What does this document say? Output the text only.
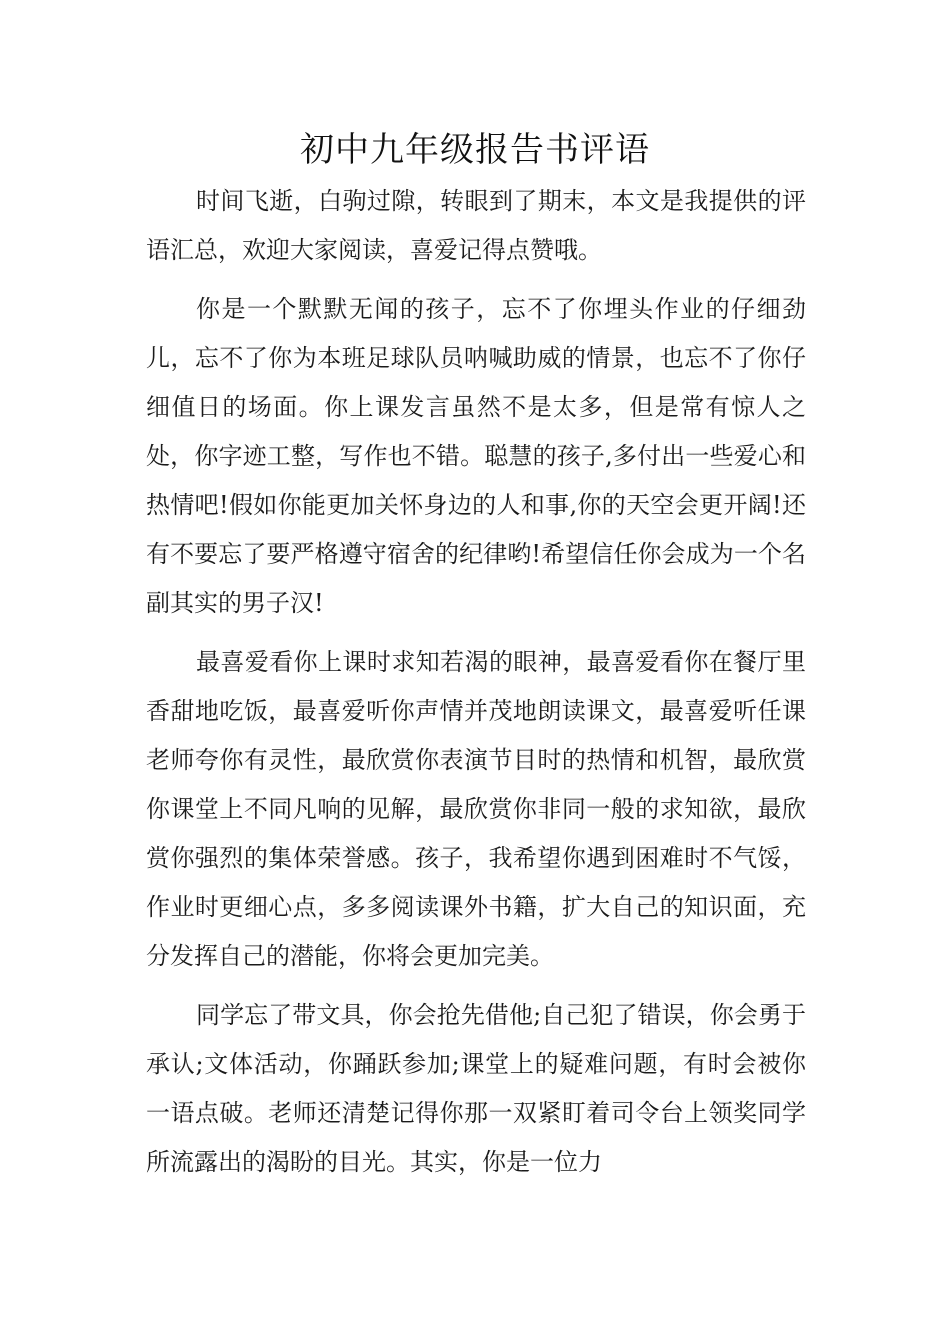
初中九年级报告书评语

时间飞逝，白驹过隙，转眼到了期末，本文是我提供的评语汇总，欢迎大家阅读，喜爱记得点赞哦。

你是一个默默无闻的孩子，忘不了你埋头作业的仔细劲儿，忘不了你为本班足球队员呐喊助威的情景，也忘不了你仔细值日的场面。你上课发言虽然不是太多，但是常有惊人之处，你字迹工整，写作也不错。聪慧的孩子,多付出一些爱心和热情吧!假如你能更加关怀身边的人和事,你的天空会更开阔!还有不要忘了要严格遵守宿舍的纪律哟!希望信任你会成为一个名副其实的男子汉!

最喜爱看你上课时求知若渴的眼神，最喜爱看你在餐厅里香甜地吃饭，最喜爱听你声情并茂地朗读课文，最喜爱听任课老师夸你有灵性，最欣赏你表演节目时的热情和机智，最欣赏你课堂上不同凡响的见解，最欣赏你非同一般的求知欲，最欣赏你强烈的集体荣誉感。孩子，我希望你遇到困难时不气馁，作业时更细心点，多多阅读课外书籍，扩大自己的知识面，充分发挥自己的潜能，你将会更加完美。

同学忘了带文具，你会抢先借他;自己犯了错误，你会勇于承认;文体活动，你踊跃参加;课堂上的疑难问题，有时会被你一语点破。老师还清楚记得你那一双紧盯着司令台上领奖同学所流露出的渴盼的目光。其实，你是一位力
